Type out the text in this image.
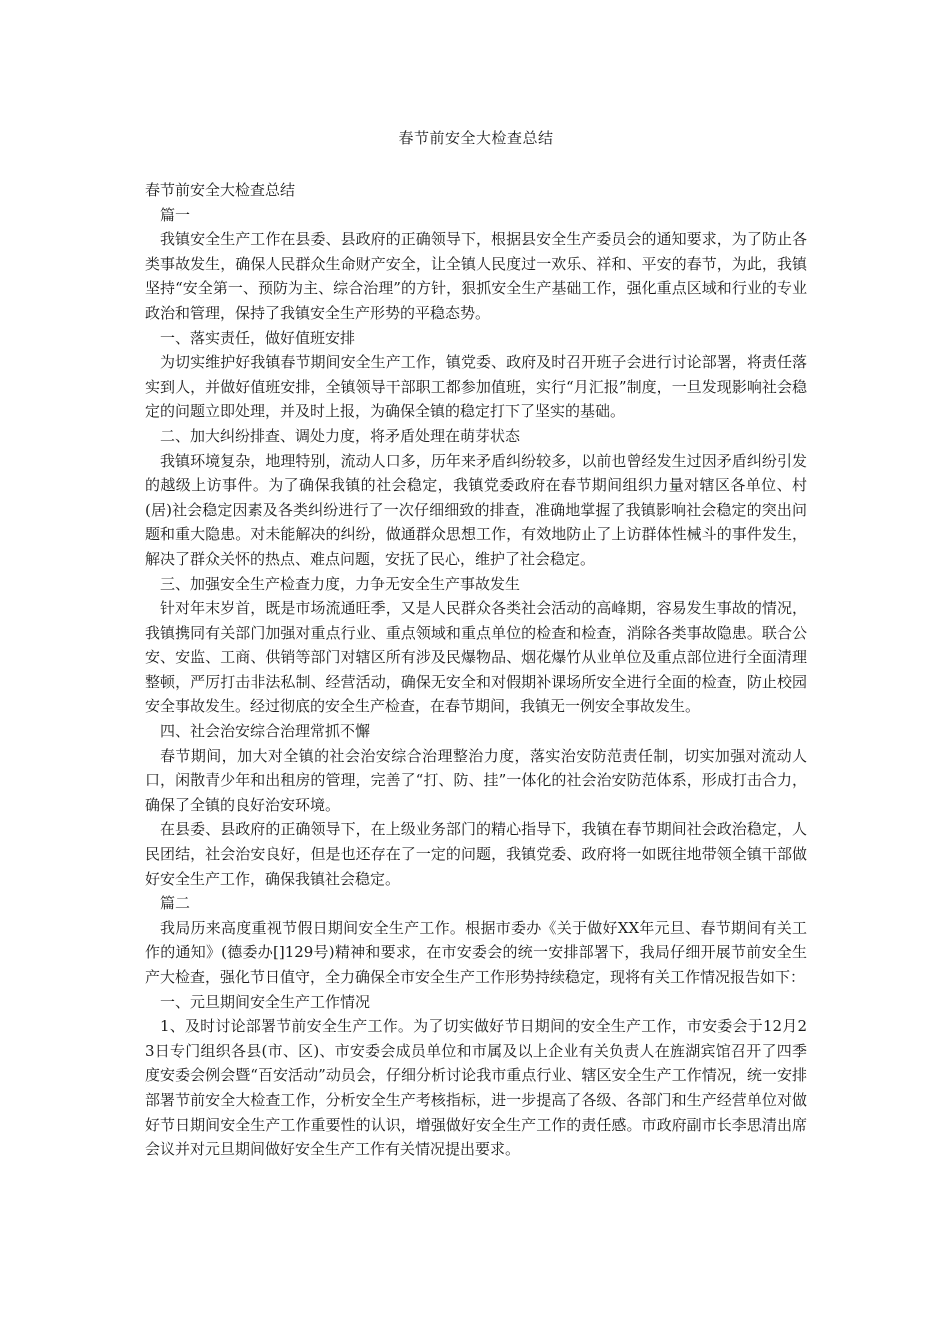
春节前安全大检查总结

春节前安全大检查总结

篇一

我镇安全生产工作在县委、县政府的正确领导下，根据县安全生产委员会的通知要求，为了防止各类事故发生，确保人民群众生命财产安全，让全镇人民度过一欢乐、祥和、平安的春节，为此，我镇坚持“安全第一、预防为主、综合治理”的方针，狠抓安全生产基础工作，强化重点区域和行业的专业政治和管理，保持了我镇安全生产形势的平稳态势。

一、落实责任，做好值班安排

为切实维护好我镇春节期间安全生产工作，镇党委、政府及时召开班子会进行讨论部署，将责任落实到人，并做好值班安排，全镇领导干部职工都参加值班，实行“月汇报”制度，一旦发现影响社会稳定的问题立即处理，并及时上报，为确保全镇的稳定打下了坚实的基础。

二、加大纠纷排查、调处力度，将矛盾处理在萌芽状态

我镇环境复杂，地理特别，流动人口多，历年来矛盾纠纷较多，以前也曾经发生过因矛盾纠纷引发的越级上访事件。为了确保我镇的社会稳定，我镇党委政府在春节期间组织力量对辖区各单位、村(居)社会稳定因素及各类纠纷进行了一次仔细细致的排查，准确地掌握了我镇影响社会稳定的突出问题和重大隐患。对未能解决的纠纷，做通群众思想工作，有效地防止了上访群体性械斗的事件发生，解决了群众关怀的热点、难点问题，安抚了民心，维护了社会稳定。

三、加强安全生产检查力度，力争无安全生产事故发生

针对年末岁首，既是市场流通旺季，又是人民群众各类社会活动的高峰期，容易发生事故的情况，我镇携同有关部门加强对重点行业、重点领域和重点单位的检查和检查，消除各类事故隐患。联合公安、安监、工商、供销等部门对辖区所有涉及民爆物品、烟花爆竹从业单位及重点部位进行全面清理整顿，严厉打击非法私制、经营活动，确保无安全和对假期补课场所安全进行全面的检查，防止校园安全事故发生。经过彻底的安全生产检查，在春节期间，我镇无一例安全事故发生。

四、社会治安综合治理常抓不懈

春节期间，加大对全镇的社会治安综合治理整治力度，落实治安防范责任制，切实加强对流动人口，闲散青少年和出租房的管理，完善了“打、防、挂”一体化的社会治安防范体系，形成打击合力，确保了全镇的良好治安环境。

在县委、县政府的正确领导下，在上级业务部门的精心指导下，我镇在春节期间社会政治稳定，人民团结，社会治安良好，但是也还存在了一定的问题，我镇党委、政府将一如既往地带领全镇干部做好安全生产工作，确保我镇社会稳定。

篇二

我局历来高度重视节假日期间安全生产工作。根据市委办《关于做好XX年元旦、春节期间有关工作的通知》(德委办[]129号)精神和要求，在市安委会的统一安排部署下，我局仔细开展节前安全生产大检查，强化节日值守，全力确保全市安全生产工作形势持续稳定，现将有关工作情况报告如下：

一、元旦期间安全生产工作情况

1、及时讨论部署节前安全生产工作。为了切实做好节日期间的安全生产工作，市安委会于12月23日专门组织各县(市、区)、市安委会成员单位和市属及以上企业有关负责人在旌湖宾馆召开了四季度安委会例会暨“百安活动”动员会，仔细分析讨论我市重点行业、辖区安全生产工作情况，统一安排部署节前安全大检查工作，分析安全生产考核指标，进一步提高了各级、各部门和生产经营单位对做好节日期间安全生产工作重要性的认识，增强做好安全生产工作的责任感。市政府副市长李思清出席会议并对元旦期间做好安全生产工作有关情况提出要求。
